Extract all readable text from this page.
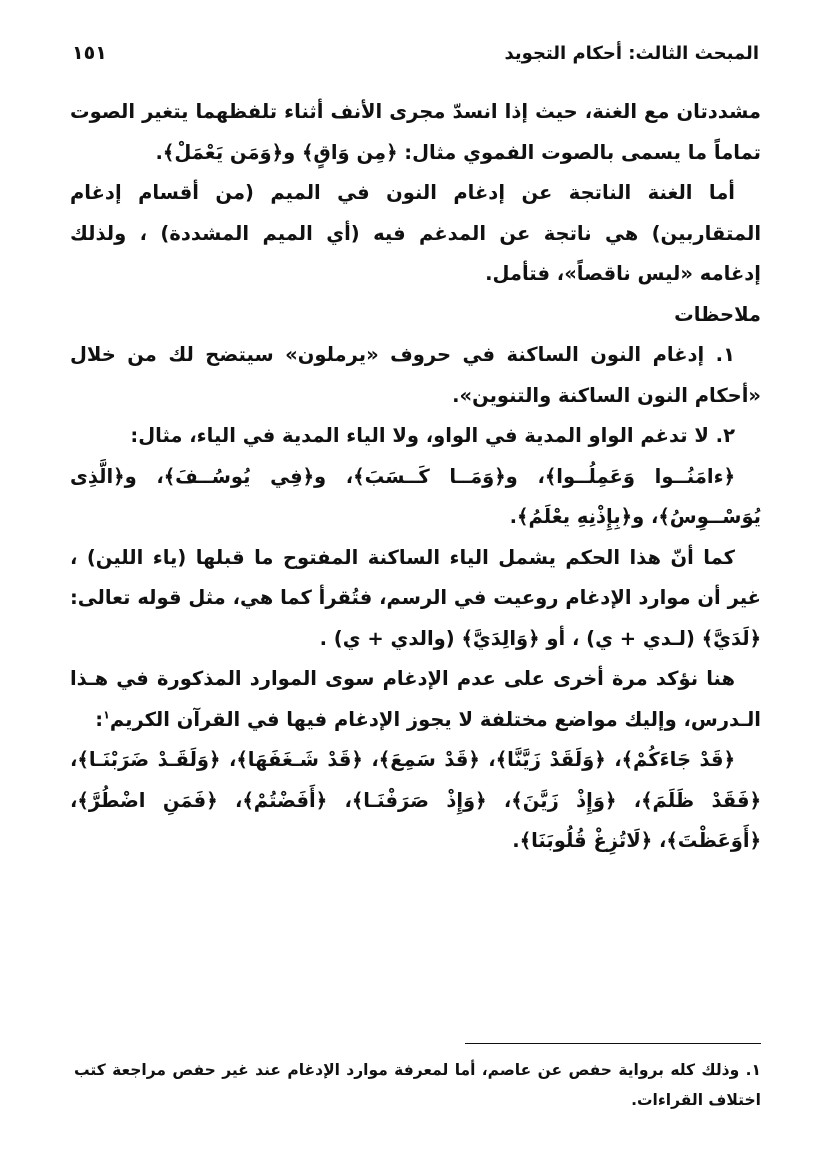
المبحث الثالث: أحكام التجويد
١٥١

مشددتان مع الغنة، حيث إذا انسدّ مجرى الأنف أثناء تلفظهما يتغير الصوت تماماً ما يسمى بالصوت الفموي مثال: ﴿مِن وَاقٍ﴾ و﴿وَمَن يَعْمَلْ﴾.

أما الغنة الناتجة عن إدغام النون في الميم (من أقسام إدغام المتقاربين) هي ناتجة عن المدغم فيه (أي الميم المشددة) ، ولذلك إدغامه «ليس ناقصاً»، فتأمل.

ملاحظات

١. إدغام النون الساكنة في حروف «يرملون» سيتضح لك من خلال «أحكام النون الساكنة والتنوين».

٢. لا تدغم الواو المدية في الواو، ولا الياء المدية في الياء، مثال:

﴿ءامَنُــوا وَعَمِلُــوا﴾، و﴿وَمَــا كَــسَبَ﴾، و﴿فِي يُوسُــفَ﴾، و﴿الَّذِى يُوَسْــوِسُ﴾، و﴿بِإِذْنِهِ يعْلَمُ﴾.

كما أنّ هذا الحكم يشمل الياء الساكنة المفتوح ما قبلها (ياء اللين) ، غير أن موارد الإدغام روعيت في الرسم، فتُقرأ كما هي، مثل قوله تعالى: ﴿لَدَيَّ﴾ (لـدي + ي) ، أو ﴿وَالِدَيَّ﴾ (والدي + ي) .

هنا نؤكد مرة أخرى على عدم الإدغام سوى الموارد المذكورة في هـذا الـدرس، وإليك مواضع مختلفة لا يجوز الإدغام فيها في القرآن الكريم$^١$:

﴿قَدْ جَاءَكُمْ﴾، ﴿وَلَقَدْ زَيَّنَّا﴾، ﴿قَدْ سَمِعَ﴾، ﴿قَدْ شَـغَفَهَا﴾، ﴿وَلَقَـدْ ضَرَبْنَـا﴾، ﴿فَقَدْ ظَلَمَ﴾، ﴿وَإِذْ زَيَّنَ﴾، ﴿وَإِذْ صَرَفْنَـا﴾، ﴿أَفَضْتُمْ﴾، ﴿فَمَنِ اضْطُرَّ﴾، ﴿أَوَعَظْتَ﴾، ﴿لَاتُزِغْ قُلُوبَنَا﴾.

١. وذلك كله برواية حفص عن عاصم، أما لمعرفة موارد الإدغام عند غير حفص مراجعة كتب اختلاف القراءات.
